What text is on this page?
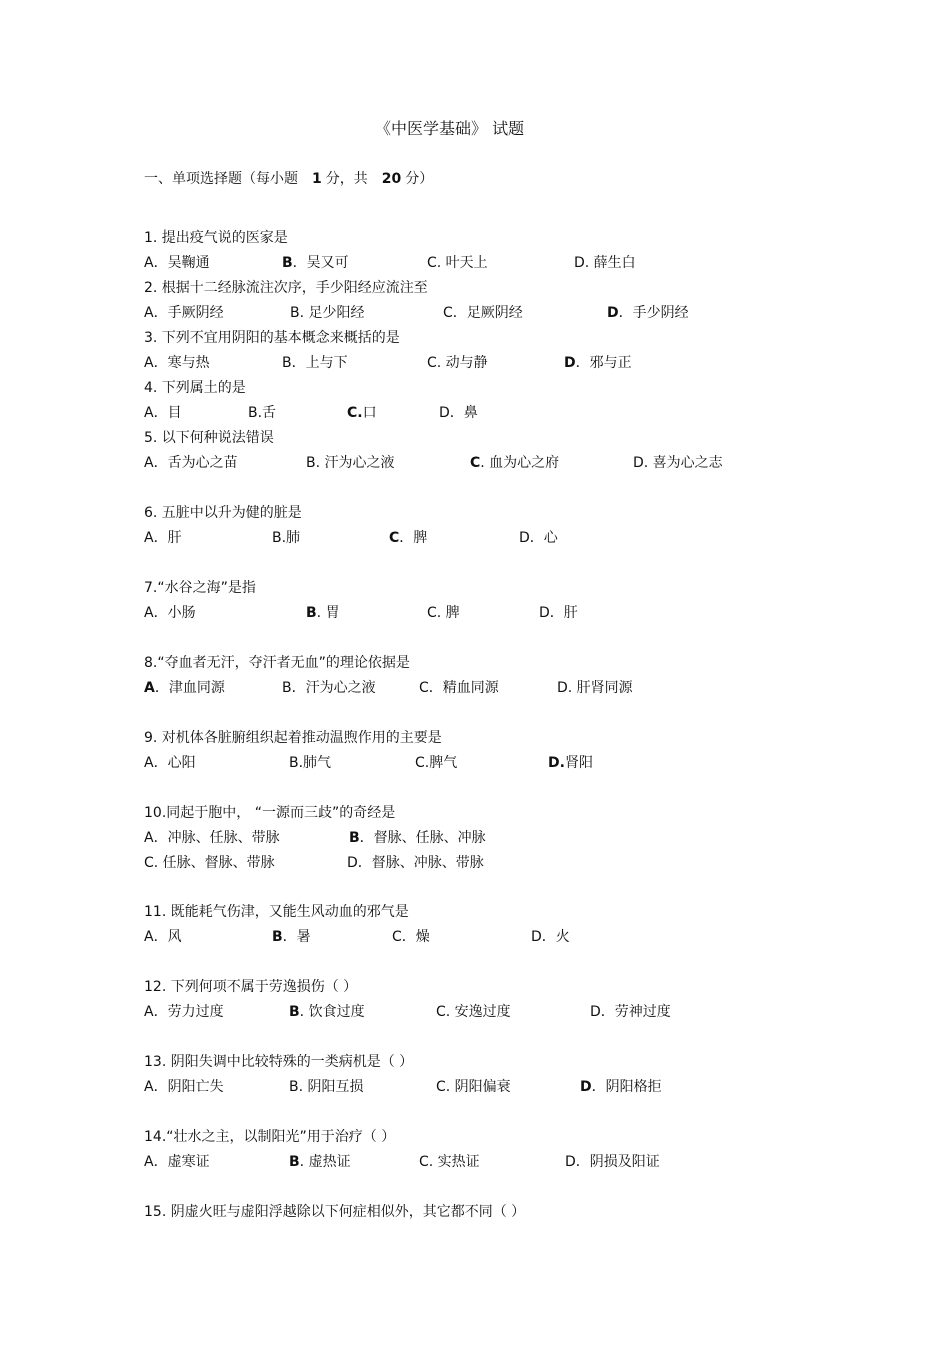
《中医学基础》 试题
一、单项选择题（每小题 1 分，共 20 分）
1. 提出疫气说的医家是
A．吴鞠通	B．吴又可	C. 叶天上	D. 薛生白
2. 根据十二经脉流注次序，手少阳经应流注至
A．手厥阴经	B. 足少阳经	C．足厥阴经	D．手少阴经
3. 下列不宜用阴阳的基本概念来概括的是
A．寒与热	B．上与下	C. 动与静	D．邪与正
4. 下列属土的是
A．目	B.舌	C.口	D．鼻
5. 以下何种说法错误
A．舌为心之苗	B. 汗为心之液	C. 血为心之府	D. 喜为心之志
6. 五脏中以升为健的脏是
A．肝	B.肺	C．脾	D．心
7.“水谷之海”是指
A．小肠	B. 胃	C. 脾	D．肝
8.“夺血者无汗，夺汗者无血”的理论依据是
A．津血同源	B．汗为心之液	C．精血同源	D. 肝肾同源
9. 对机体各脏腑组织起着推动温煦作用的主要是
A．心阳	B.肺气	C.脾气	D.肾阳
10.同起于胞中， “一源而三歧”的奇经是
A．冲脉、任脉、带脉	B．督脉、任脉、冲脉
C. 任脉、督脉、带脉	D．督脉、冲脉、带脉
11. 既能耗气伤津，又能生风动血的邪气是
A．风	B．暑	C．燥	D．火
12. 下列何项不属于劳逸损伤（ ）
A．劳力过度	B. 饮食过度	C. 安逸过度	D．劳神过度
13. 阴阳失调中比较特殊的一类病机是（ ）
A．阴阳亡失	B. 阴阳互损	C. 阴阳偏衰	D．阴阳格拒
14.“壮水之主，以制阳光”用于治疗（ ）
A．虚寒证	B. 虚热证	C. 实热证	D．阴损及阳证
15. 阴虚火旺与虚阳浮越除以下何症相似外，其它都不同（ ）
